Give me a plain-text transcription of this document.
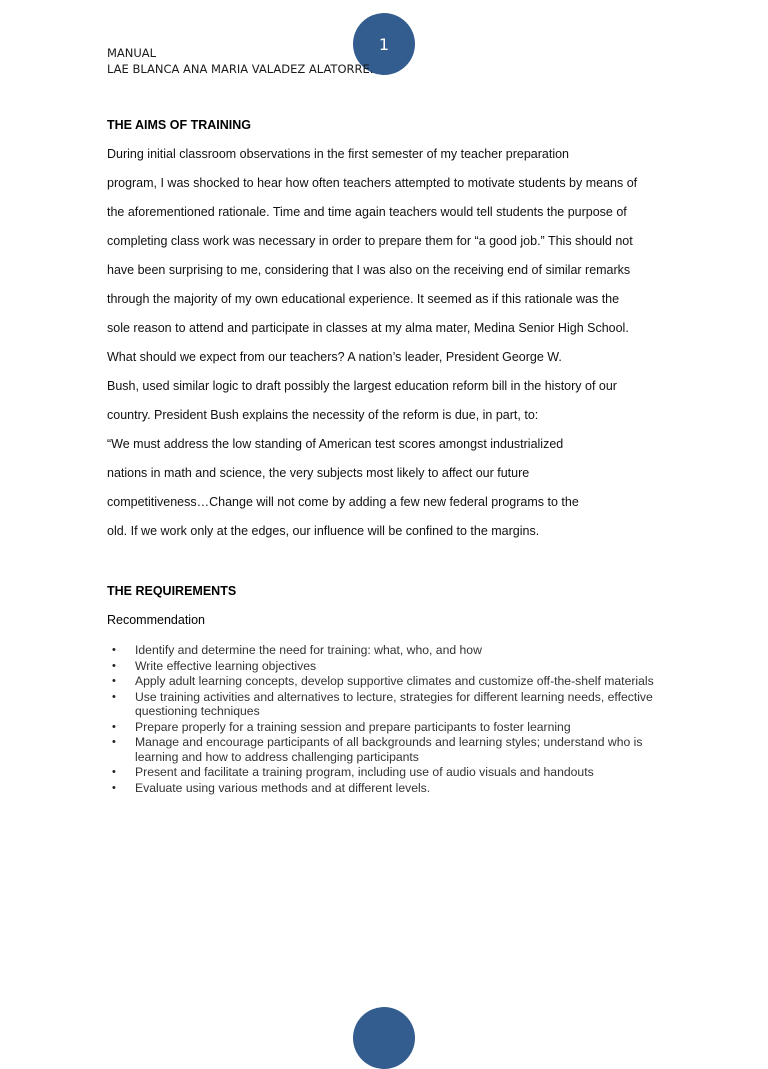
1
MANUAL
LAE BLANCA ANA MARIA VALADEZ ALATORRE.
THE AIMS OF TRAINING

During initial classroom observations in the first semester of my teacher preparation

program, I was shocked to hear how often teachers attempted to motivate students by means of

the aforementioned rationale. Time and time again teachers would tell students the purpose of

completing class work was necessary in order to prepare them for “a good job.” This should not

have been surprising to me, considering that I was also on the receiving end of similar remarks

through the majority of my own educational experience. It seemed as if this rationale was the

sole reason to attend and participate in classes at my alma mater, Medina Senior High School.

What should we expect from our teachers? A nation’s leader, President George W.

Bush, used similar logic to draft possibly the largest education reform bill in the history of our

country. President Bush explains the necessity of the reform is due, in part, to:

“We must address the low standing of American test scores amongst industrialized

nations in math and science, the very subjects most likely to affect our future

competitiveness…Change will not come by adding a few new federal programs to the

old. If we work only at the edges, our influence will be confined to the margins.

THE REQUIREMENTS

Recommendation

• Identify and determine the need for training: what, who, and how
• Write effective learning objectives
• Apply adult learning concepts, develop supportive climates and customize off-the-shelf materials
• Use training activities and alternatives to lecture, strategies for different learning needs, effective questioning techniques
• Prepare properly for a training session and prepare participants to foster learning
• Manage and encourage participants of all backgrounds and learning styles; understand who is learning and how to address challenging participants
• Present and facilitate a training program, including use of audio visuals and handouts
• Evaluate using various methods and at different levels.
